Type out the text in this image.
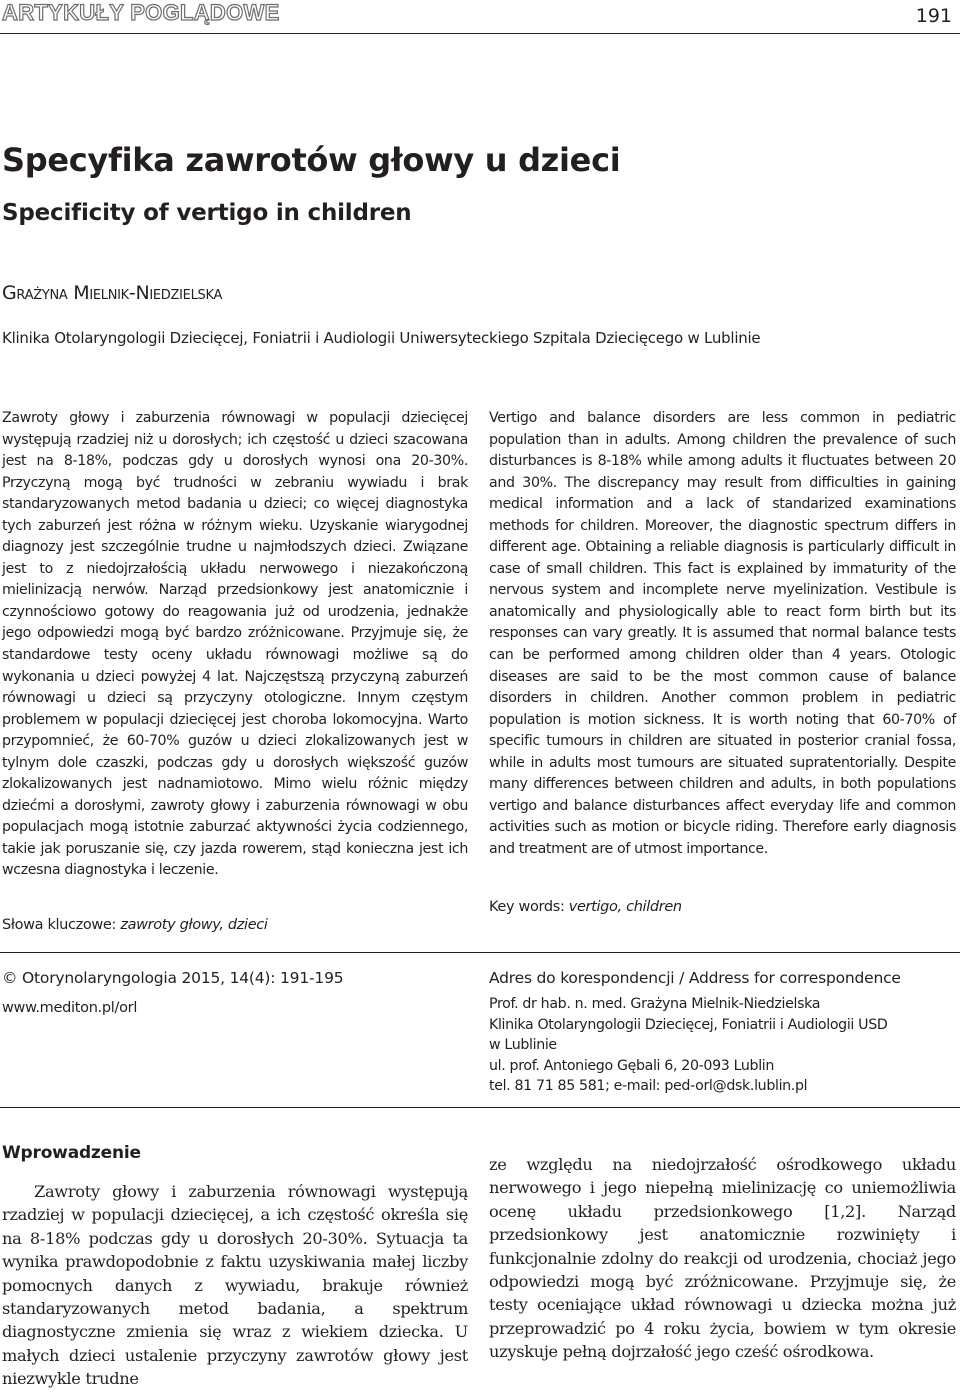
ARTYKUŁY POGLĄDOWE	191
Specyfika zawrotów głowy u dzieci
Specificity of vertigo in children
Grażyna Mielnik-Niedzielska
Klinika Otolaryngologii Dziecięcej, Foniatrii i Audiologii Uniwersyteckiego Szpitala Dziecięcego w Lublinie
Zawroty głowy i zaburzenia równowagi w populacji dziecięcej występują rzadziej niż u dorosłych; ich częstość u dzieci szacowana jest na 8-18%, podczas gdy u dorosłych wynosi ona 20-30%. Przyczyną mogą być trudności w zebraniu wywiadu i brak standaryzowanych metod badania u dzieci; co więcej diagnostyka tych zaburzeń jest różna w różnym wieku. Uzyskanie wiarygodnej diagnozy jest szczególnie trudne u najmłodszych dzieci. Związane jest to z niedojrzałością układu nerwowego i niezakończoną mielinizacją nerwów. Narząd przedsionkowy jest anatomicznie i czynnościowo gotowy do reagowania już od urodzenia, jednakże jego odpowiedzi mogą być bardzo zróżnicowane. Przyjmuje się, że standardowe testy oceny układu równowagi możliwe są do wykonania u dzieci powyżej 4 lat. Najczęstszą przyczyną zaburzeń równowagi u dzieci są przyczyny otologiczne. Innym częstym problemem w populacji dziecięcej jest choroba lokomocyjna. Warto przypomnieć, że 60-70% guzów u dzieci zlokalizowanych jest w tylnym dole czaszki, podczas gdy u dorosłych większość guzów zlokalizowanych jest nadnamiotowo. Mimo wielu różnic między dziećmi a dorosłymi, zawroty głowy i zaburzenia równowagi w obu populacjach mogą istotnie zaburzać aktywności życia codziennego, takie jak poruszanie się, czy jazda rowerem, stąd konieczna jest ich wczesna diagnostyka i leczenie.
Słowa kluczowe: zawroty głowy, dzieci
Vertigo and balance disorders are less common in pediatric population than in adults. Among children the prevalence of such disturbances is 8-18% while among adults it fluctuates between 20 and 30%. The discrepancy may result from difficulties in gaining medical information and a lack of standarized examinations methods for children. Moreover, the diagnostic spectrum differs in different age. Obtaining a reliable diagnosis is particularly difficult in case of small children. This fact is explained by immaturity of the nervous system and incomplete nerve myelinization. Vestibule is anatomically and physiologically able to react form birth but its responses can vary greatly. It is assumed that normal balance tests can be performed among children older than 4 years. Otologic diseases are said to be the most common cause of balance disorders in children. Another common problem in pediatric population is motion sickness. It is worth noting that 60-70% of specific tumours in children are situated in posterior cranial fossa, while in adults most tumours are situated supratentorially. Despite many differences between children and adults, in both populations vertigo and balance disturbances affect everyday life and common activities such as motion or bicycle riding. Therefore early diagnosis and treatment are of utmost importance.
Key words: vertigo, children
© Otorynolaryngologia 2015, 14(4): 191-195
www.mediton.pl/orl
Adres do korespondencji / Address for correspondence
Prof. dr hab. n. med. Grażyna Mielnik-Niedzielska
Klinika Otolaryngologii Dziecięcej, Foniatrii i Audiologii USD
w Lublinie
ul. prof. Antoniego Gębali 6, 20-093 Lublin
tel. 81 71 85 581; e-mail: ped-orl@dsk.lublin.pl
Wprowadzenie

Zawroty głowy i zaburzenia równowagi występują rzadziej w populacji dziecięcej, a ich częstość określa się na 8-18% podczas gdy u dorosłych 20-30%. Sytuacja ta wynika prawdopodobnie z faktu uzyskiwania małej liczby pomocnych danych z wywiadu, brakuje również standaryzowanych metod badania, a spektrum diagnostyczne zmienia się wraz z wiekiem dziecka. U małych dzieci ustalenie przyczyny zawrotów głowy jest niezwykle trudne

ze względu na niedojrzałość ośrodkowego układu nerwowego i jego niepełną mielinizację co uniemożliwia ocenę układu przedsionkowego [1,2]. Narząd przedsionkowy jest anatomicznie rozwinięty i funkcjonalnie zdolny do reakcji od urodzenia, chociaż jego odpowiedzi mogą być zróżnicowane. Przyjmuje się, że testy oceniające układ równowagi u dziecka można już przeprowadzić po 4 roku życia, bowiem w tym okresie uzyskuje pełną dojrzałość jego cześć ośrodkowa.
